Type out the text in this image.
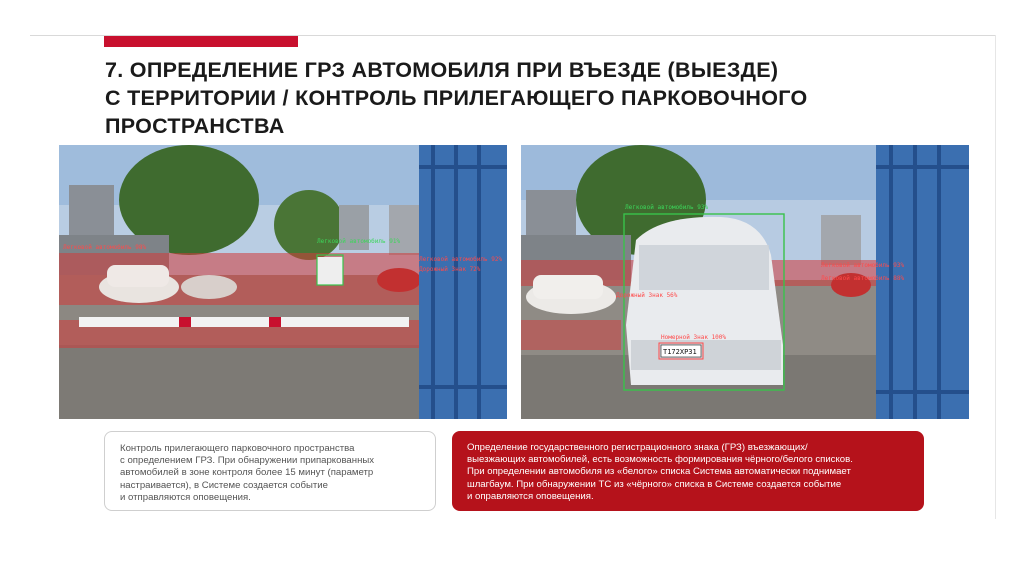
7. ОПРЕДЕЛЕНИЕ ГРЗ АВТОМОБИЛЯ ПРИ ВЪЕЗДЕ (ВЫЕЗДЕ)
С ТЕРРИТОРИИ / КОНТРОЛЬ ПРИЛЕГАЮЩЕГО ПАРКОВОЧНОГО
ПРОСТРАНСТВА
Легковой автомобиль 91%
Легковой автомобиль 98%
Легковой автомобиль 92%
Дорожный Знак 72%
Т172ХР31
Легковой автомобиль 93%
Дорожный Знак 56%
Номерной Знак 100%
Легковой автомобиль 93%
Легковой автомобиль 88%

Контроль прилегающего парковочного пространства
с определением ГРЗ. При обнаружении припаркованных
автомобилей в зоне контроля более 15 минут (параметр
настраивается), в Системе создается событие
и отправляются оповещения.

Определение государственного регистрационного знака (ГРЗ) въезжающих/
выезжающих автомобилей, есть возможность формирования чёрного/белого списков.
При определении автомобиля из «белого» списка Система автоматически поднимает
шлагбаум. При обнаружении ТС из «чёрного» списка в Системе создается событие
и оправляются оповещения.
